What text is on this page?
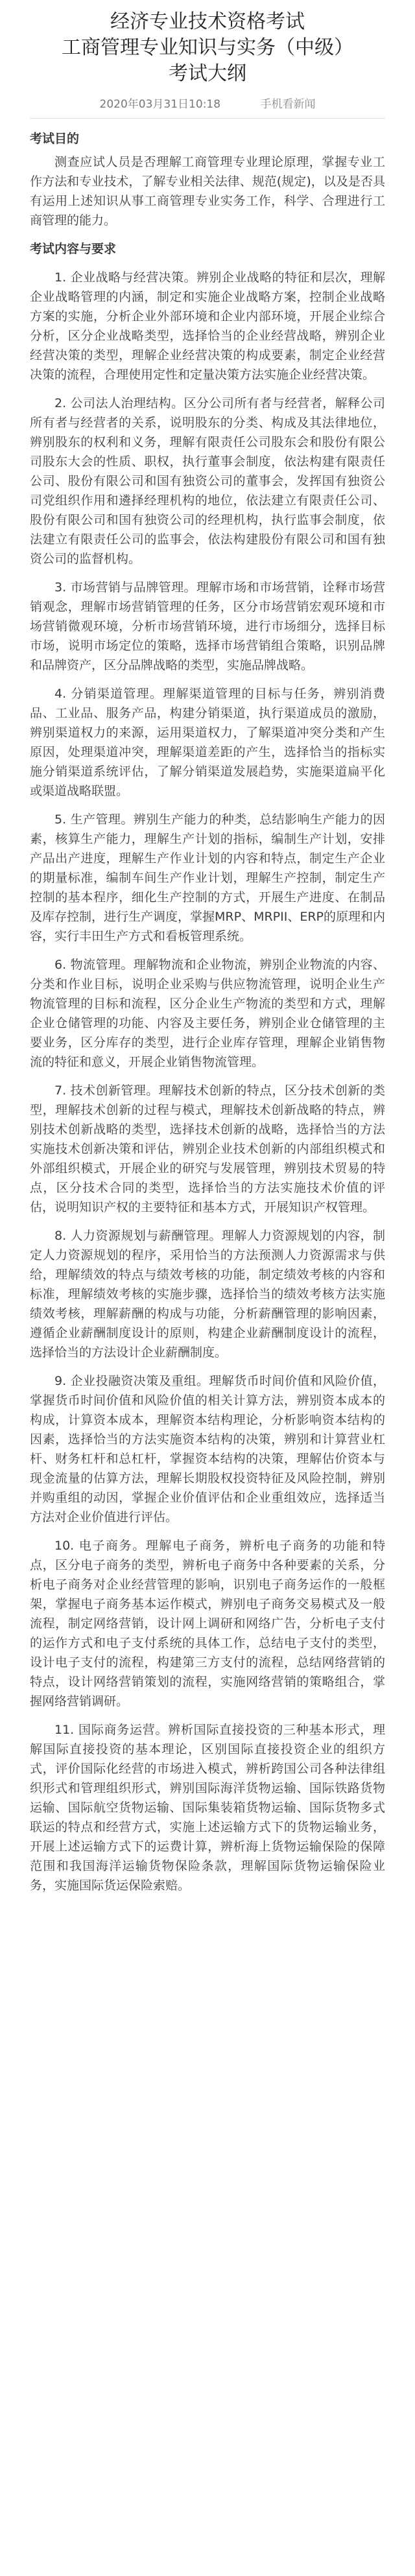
经济专业技术资格考试
工商管理专业知识与实务（中级）
考试大纲
2020年03月31日10:18	手机看新闻
考试目的

测查应试人员是否理解工商管理专业理论原理，掌握专业工作方法和专业技术，了解专业相关法律、规范(规定)，以及是否具有运用上述知识从事工商管理专业实务工作，科学、合理进行工商管理的能力。

考试内容与要求

1. 企业战略与经营决策。辨别企业战略的特征和层次，理解企业战略管理的内涵，制定和实施企业战略方案，控制企业战略方案的实施，分析企业外部环境和企业内部环境，开展企业综合分析，区分企业战略类型，选择恰当的企业经营战略，辨别企业经营决策的类型，理解企业经营决策的构成要素，制定企业经营决策的流程，合理使用定性和定量决策方法实施企业经营决策。

2. 公司法人治理结构。区分公司所有者与经营者，解释公司所有者与经营者的关系，说明股东的分类、构成及其法律地位，辨别股东的权利和义务，理解有限责任公司股东会和股份有限公司股东大会的性质、职权，执行董事会制度，依法构建有限责任公司、股份有限公司和国有独资公司的董事会，发挥国有独资公司党组织作用和遴择经理机构的地位，依法建立有限责任公司、股份有限公司和国有独资公司的经理机构，执行监事会制度，依法建立有限责任公司的监事会，依法构建股份有限公司和国有独资公司的监督机构。

3. 市场营销与品牌管理。理解市场和市场营销，诠释市场营销观念，理解市场营销管理的任务，区分市场营销宏观环境和市场营销微观环境，分析市场营销环境，进行市场细分，选择目标市场，说明市场定位的策略，选择市场营销组合策略，识别品牌和品牌资产，区分品牌战略的类型，实施品牌战略。

4. 分销渠道管理。理解渠道管理的目标与任务，辨别消费品、工业品、服务产品，构建分销渠道，执行渠道成员的激励，辨别渠道权力的来源，运用渠道权力，了解渠道冲突分类和产生原因，处理渠道冲突，理解渠道差距的产生，选择恰当的指标实施分销渠道系统评估，了解分销渠道发展趋势，实施渠道扁平化或渠道战略联盟。

5. 生产管理。辨别生产能力的种类，总结影响生产能力的因素，核算生产能力，理解生产计划的指标，编制生产计划，安排产品出产进度，理解生产作业计划的内容和特点，制定生产企业的期量标准，编制车间生产作业计划，理解生产控制，制定生产控制的基本程序，细化生产控制的方式，开展生产进度、在制品及库存控制，进行生产调度，掌握MRP、MRPII、ERP的原理和内容，实行丰田生产方式和看板管理系统。

6. 物流管理。理解物流和企业物流，辨别企业物流的内容、分类和作业目标，说明企业采购与供应物流管理，说明企业生产物流管理的目标和流程，区分企业生产物流的类型和方式，理解企业仓储管理的功能、内容及主要任务，辨别企业仓储管理的主要业务，区分库存的类型，进行企业库存管理，理解企业销售物流的特征和意义，开展企业销售物流管理。

7. 技术创新管理。理解技术创新的特点，区分技术创新的类型，理解技术创新的过程与模式，理解技术创新战略的特点，辨别技术创新战略的类型，选择技术创新的战略，选择恰当的方法实施技术创新决策和评估，辨别企业技术创新的内部组织模式和外部组织模式，开展企业的研究与发展管理，辨别技术贸易的特点，区分技术合同的类型，选择恰当的方法实施技术价值的评估，说明知识产权的主要特征和基本方式，开展知识产权管理。

8. 人力资源规划与薪酬管理。理解人力资源规划的内容，制定人力资源规划的程序，采用恰当的方法预测人力资源需求与供给，理解绩效的特点与绩效考核的功能，制定绩效考核的内容和标准，理解绩效考核的实施步骤，选择恰当的绩效考核方法实施绩效考核，理解薪酬的构成与功能，分析薪酬管理的影响因素，遵循企业薪酬制度设计的原则，构建企业薪酬制度设计的流程，选择恰当的方法设计企业薪酬制度。

9. 企业投融资决策及重组。理解货币时间价值和风险价值，掌握货币时间价值和风险价值的相关计算方法，辨别资本成本的构成，计算资本成本，理解资本结构理论，分析影响资本结构的因素，选择恰当的方法实施资本结构的决策，辨别和计算营业杠杆、财务杠杆和总杠杆，掌握资本结构的决策，理解估价资本与现金流量的估算方法，理解长期股权投资特征及风险控制，辨别并购重组的动因，掌握企业价值评估和企业重组效应，选择适当方法对企业价值进行评估。

10. 电子商务。理解电子商务，辨析电子商务的功能和特点，区分电子商务的类型，辨析电子商务中各种要素的关系，分析电子商务对企业经营管理的影响，识别电子商务运作的一般框架，掌握电子商务基本运作模式，辨别电子商务交易模式及一般流程，制定网络营销，设计网上调研和网络广告，分析电子支付的运作方式和电子支付系统的具体工作，总结电子支付的类型，设计电子支付的流程，构建第三方支付的流程，总结网络营销的特点，设计网络营销策划的流程，实施网络营销的策略组合，掌握网络营销调研。

11. 国际商务运营。辨析国际直接投资的三种基本形式，理解国际直接投资的基本理论，区别国际直接投资企业的组织方式，评价国际化经营的市场进入模式，辨析跨国公司各种法律组织形式和管理组织形式，辨别国际海洋货物运输、国际铁路货物运输、国际航空货物运输、国际集装箱货物运输、国际货物多式联运的特点和经营方式，实施上述运输方式下的货物运输业务，开展上述运输方式下的运费计算，辨析海上货物运输保险的保障范围和我国海洋运输货物保险条款，理解国际货物运输保险业务，实施国际货运保险索赔。
